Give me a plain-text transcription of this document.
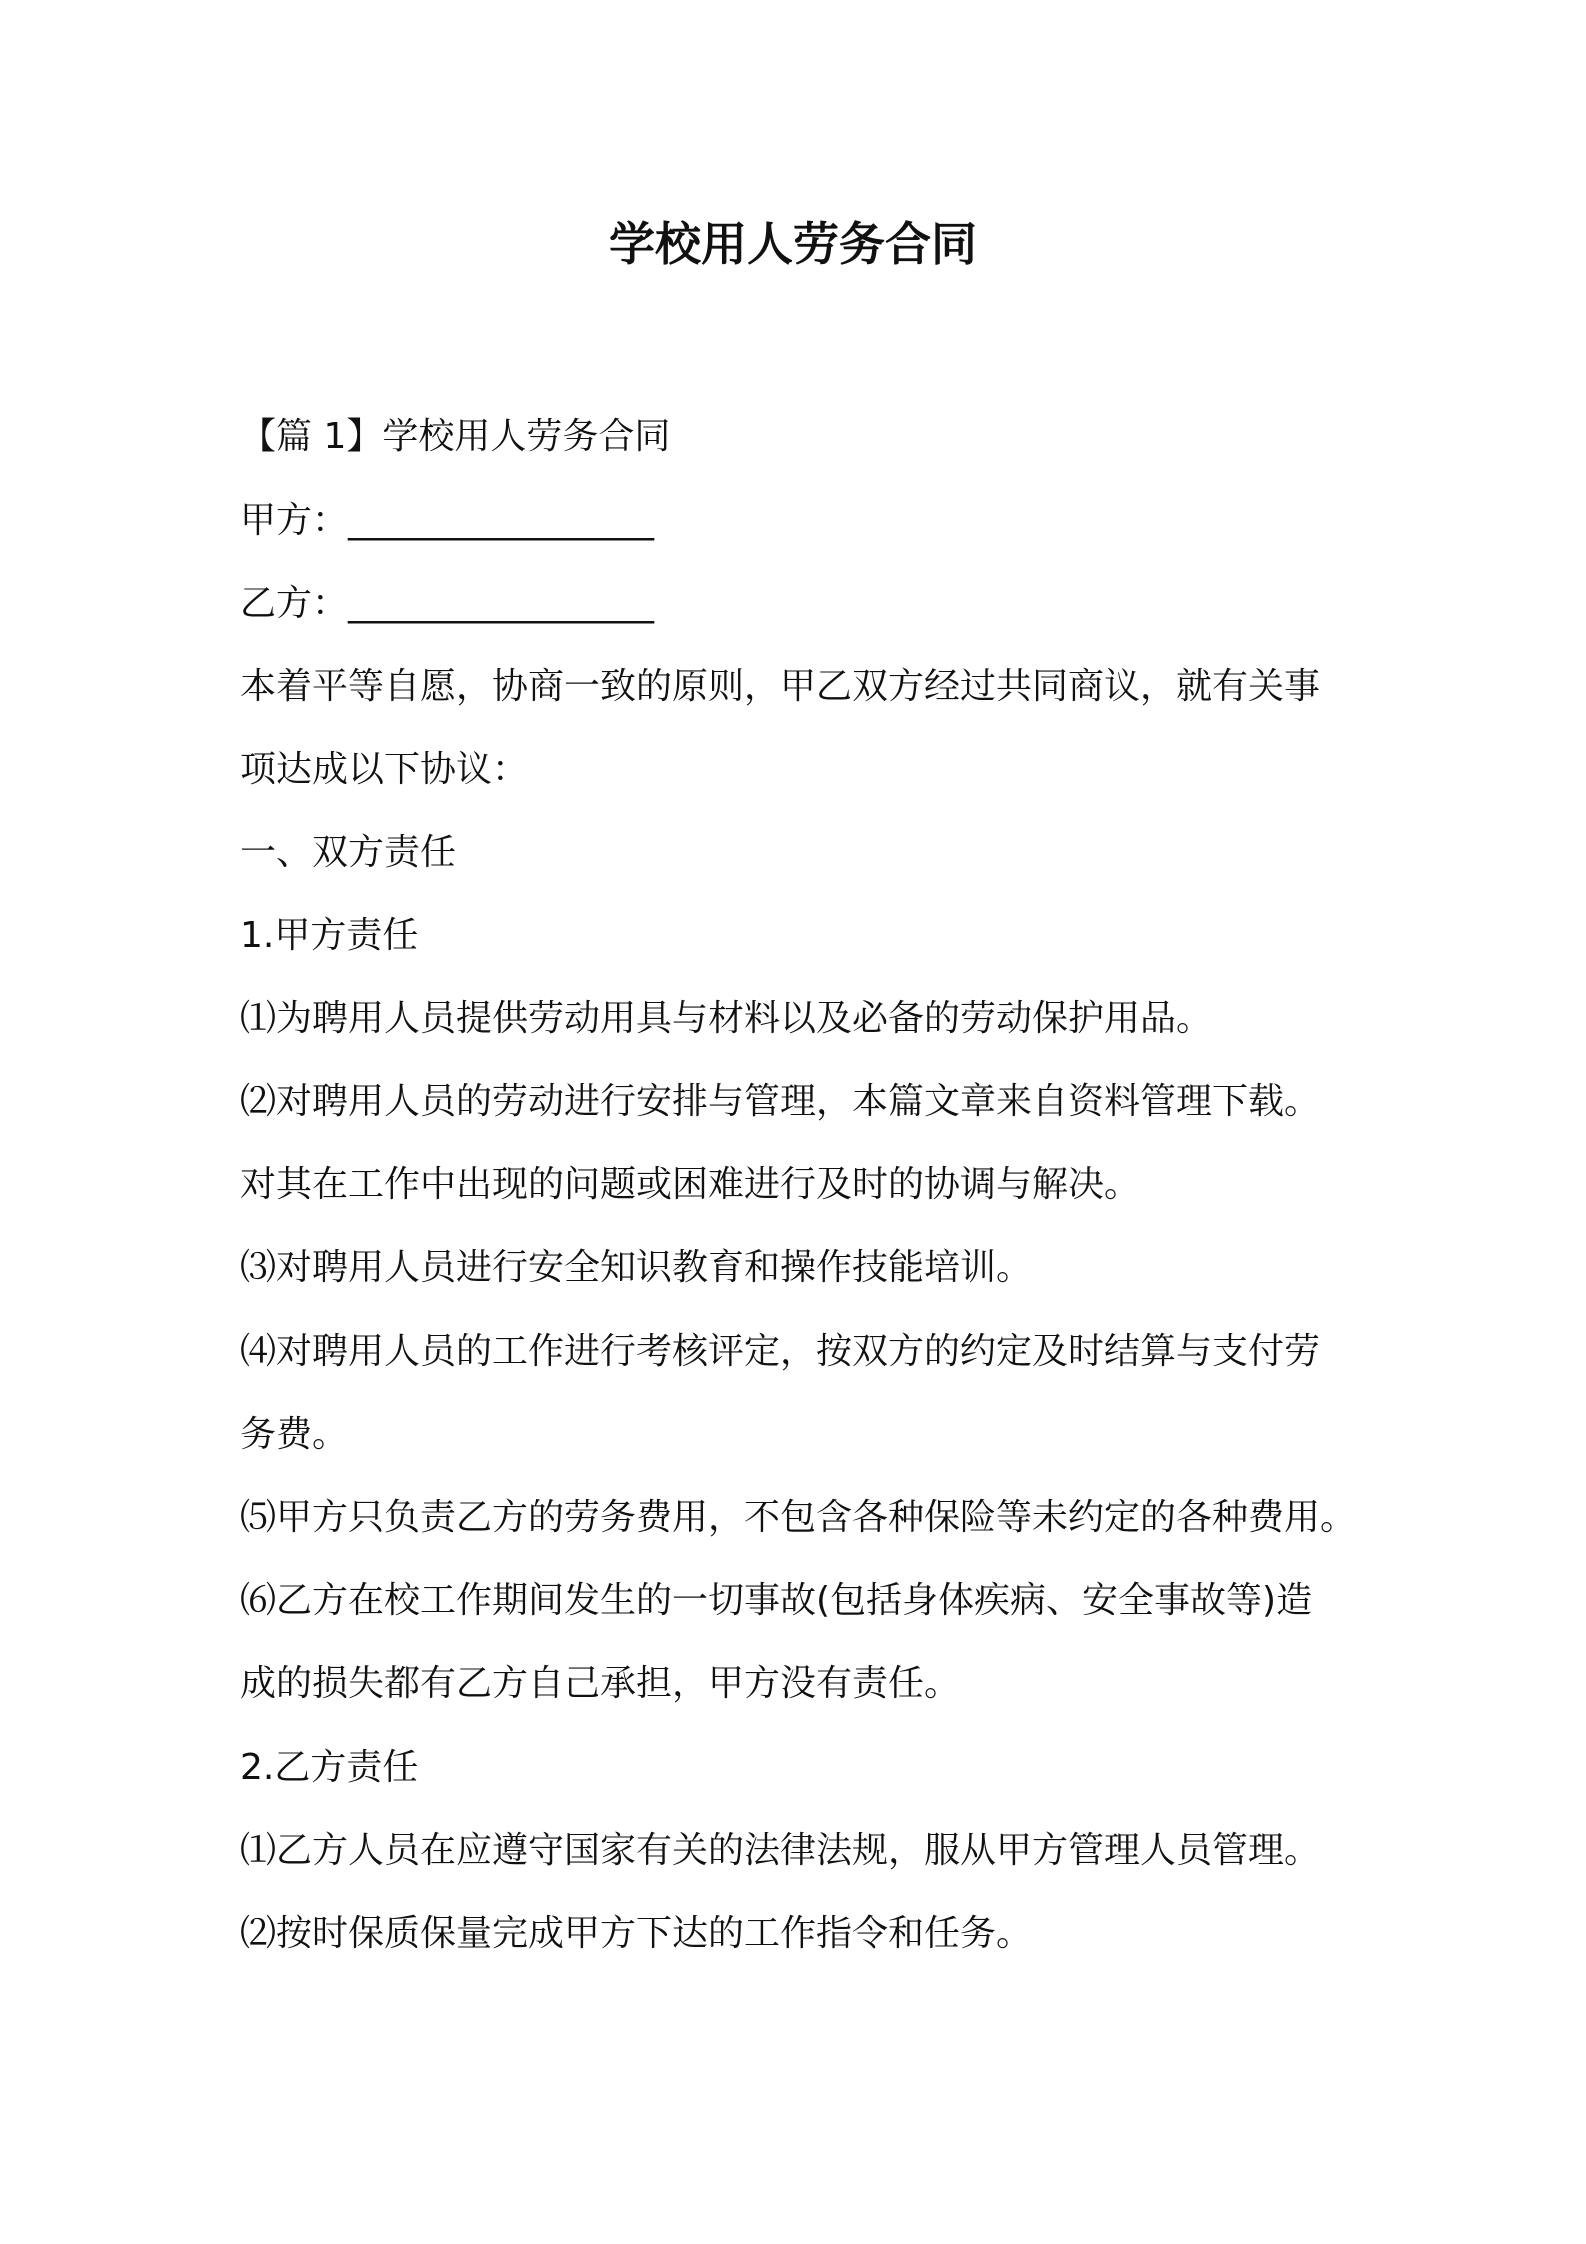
学校用人劳务合同
【篇 1】学校用人劳务合同
甲方：_________________
乙方：_________________
本着平等自愿，协商一致的原则，甲乙双方经过共同商议，就有关事
项达成以下协议：
一、双方责任
1.甲方责任
⑴为聘用人员提供劳动用具与材料以及必备的劳动保护用品。
⑵对聘用人员的劳动进行安排与管理，本篇文章来自资料管理下载。
对其在工作中出现的问题或困难进行及时的协调与解决。
⑶对聘用人员进行安全知识教育和操作技能培训。
⑷对聘用人员的工作进行考核评定，按双方的约定及时结算与支付劳
务费。
⑸甲方只负责乙方的劳务费用，不包含各种保险等未约定的各种费用。
⑹乙方在校工作期间发生的一切事故(包括身体疾病、安全事故等)造
成的损失都有乙方自己承担，甲方没有责任。
2.乙方责任
⑴乙方人员在应遵守国家有关的法律法规，服从甲方管理人员管理。
⑵按时保质保量完成甲方下达的工作指令和任务。
